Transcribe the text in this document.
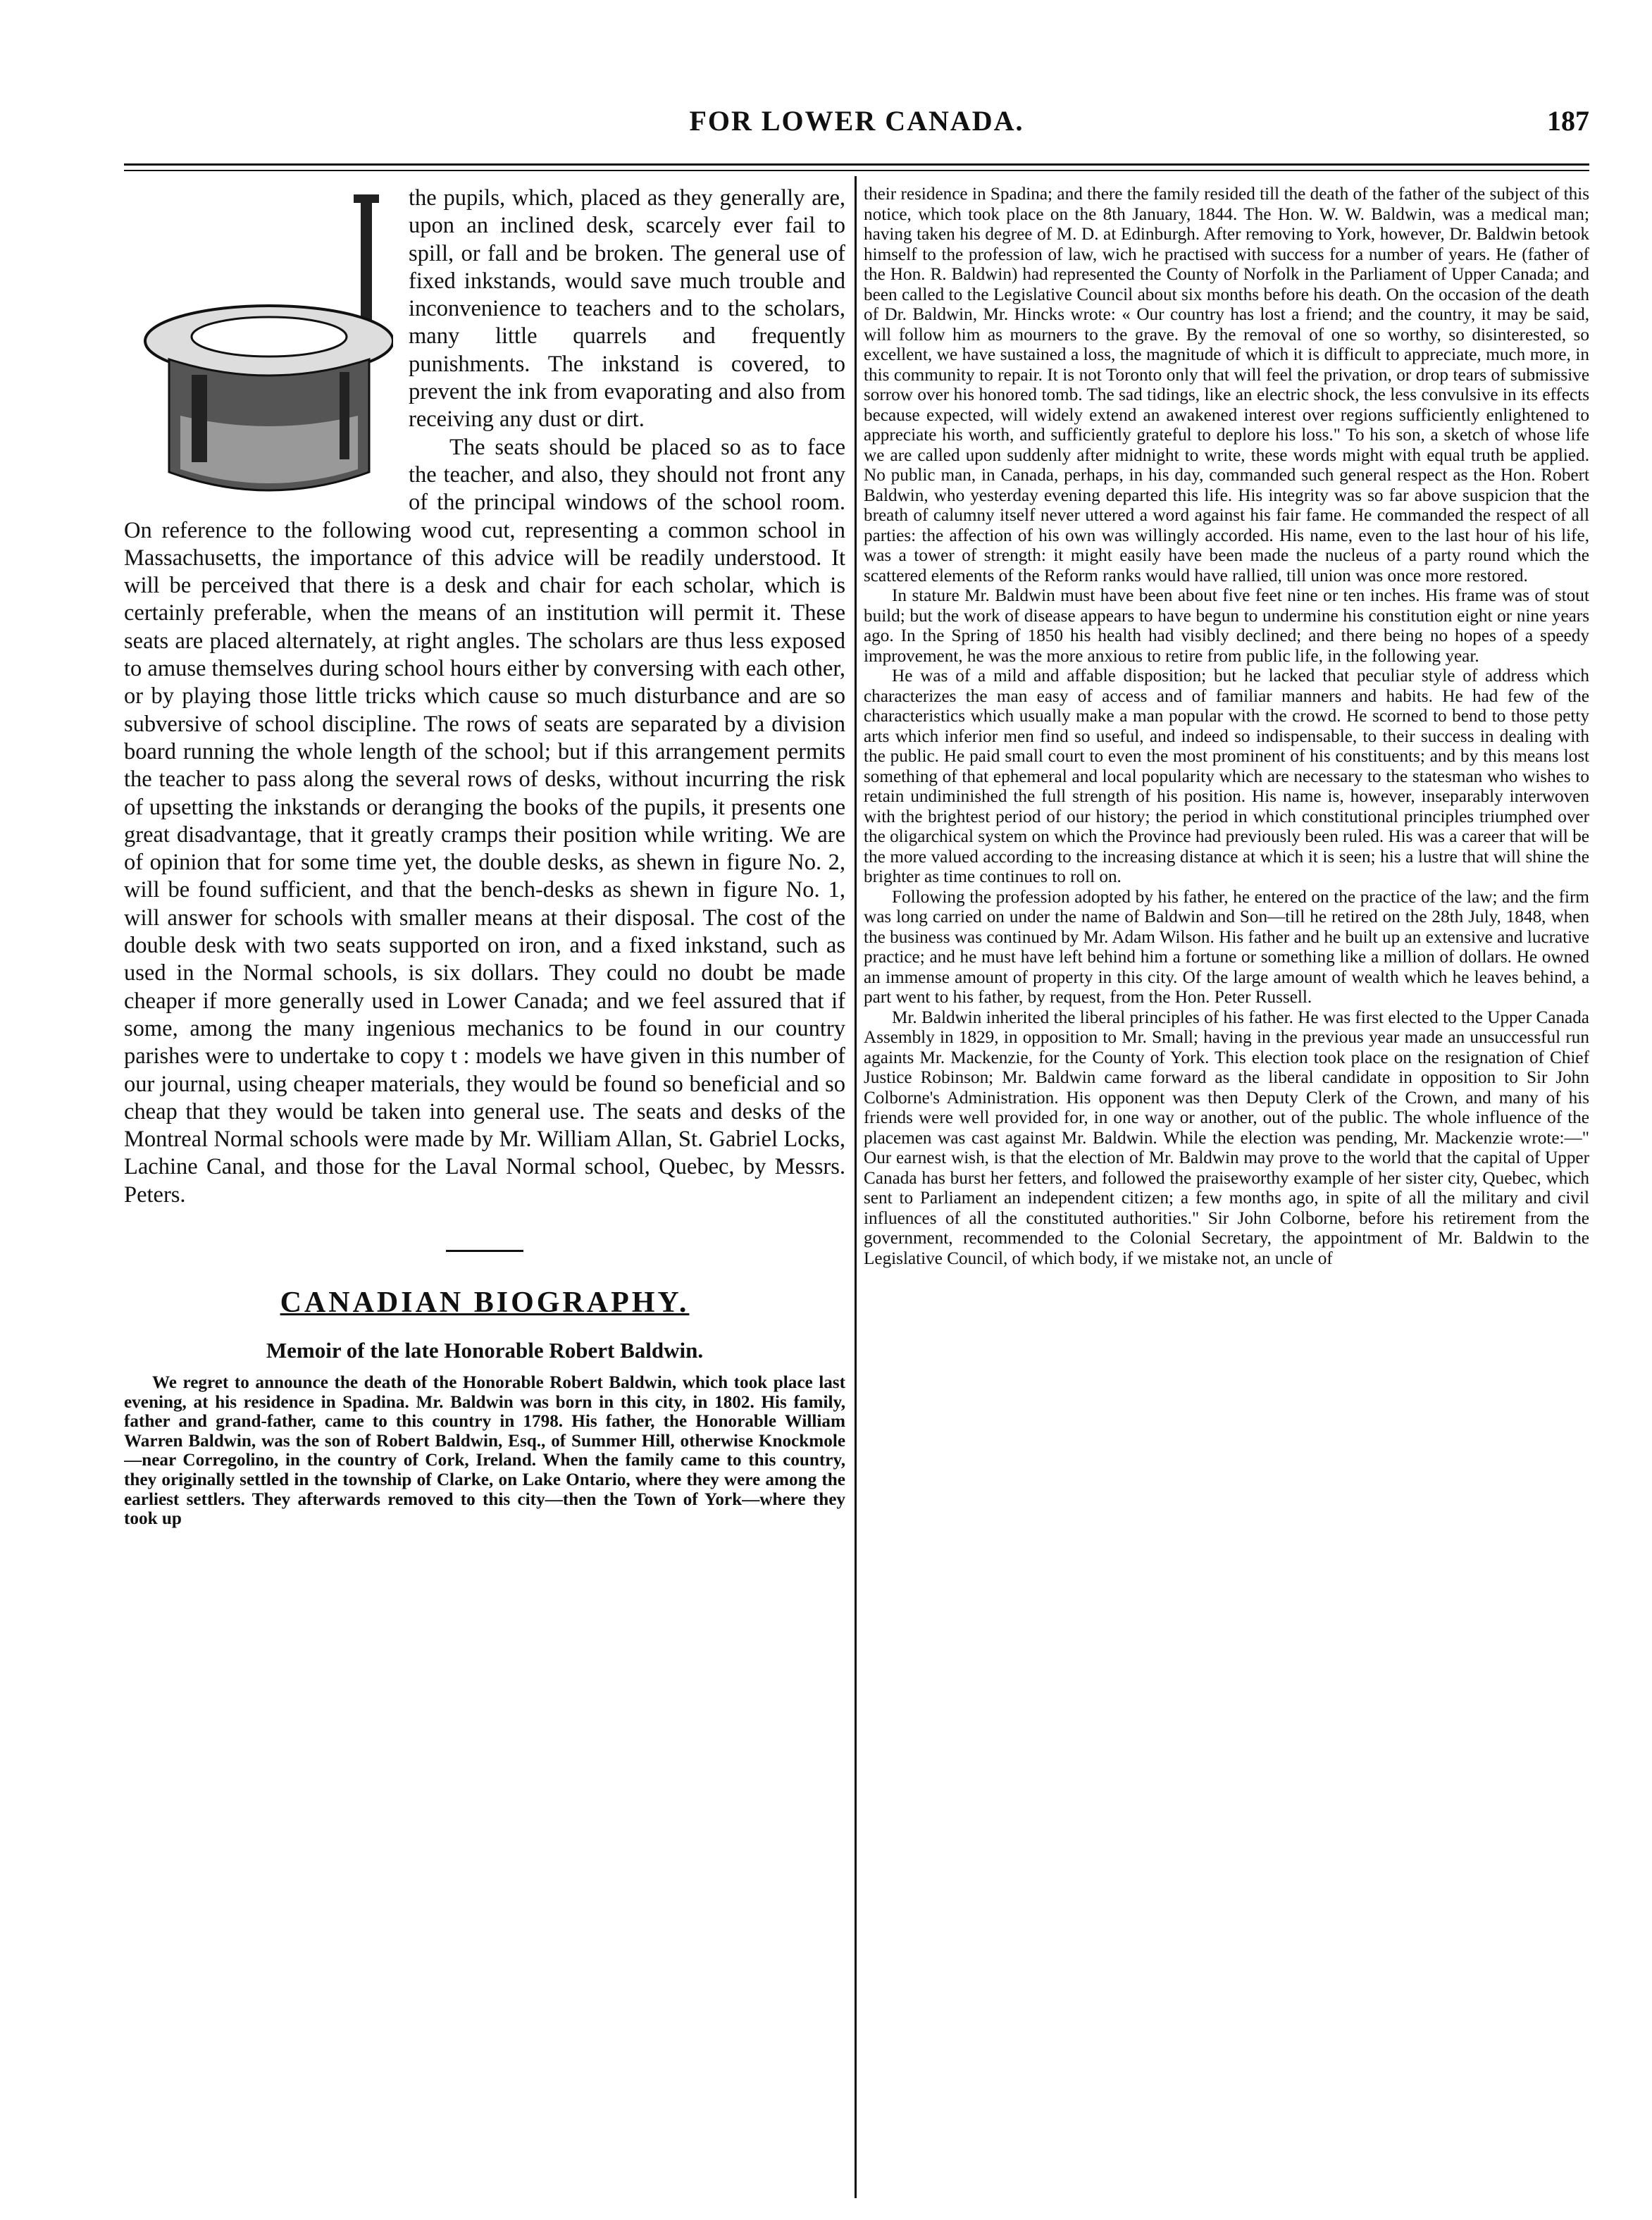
FOR LOWER CANADA.	187

the pupils, which, placed as they generally are, upon an inclined desk, scarcely ever fail to spill, or fall and be broken. The general use of fixed inkstands, would save much trouble and inconvenience to teachers and to the scholars, many little quarrels and frequently punishments. The inkstand is covered, to prevent the ink from evaporating and also from receiving any dust or dirt.

The seats should be placed so as to face the teacher, and also, they should not front any of the principal windows of the school room. On reference to the following wood cut, representing a common school in Massachusetts, the importance of this advice will be readily understood. It will be perceived that there is a desk and chair for each scholar, which is certainly preferable, when the means of an institution will permit it. These seats are placed alternately, at right angles. The scholars are thus less exposed to amuse themselves during school hours either by conversing with each other, or by playing those little tricks which cause so much disturbance and are so subversive of school discipline. The rows of seats are separated by a division board running the whole length of the school; but if this arrangement permits the teacher to pass along the several rows of desks, without incurring the risk of upsetting the inkstands or deranging the books of the pupils, it presents one great disadvantage, that it greatly cramps their position while writing. We are of opinion that for some time yet, the double desks, as shewn in figure No. 2, will be found sufficient, and that the bench-desks as shewn in figure No. 1, will answer for schools with smaller means at their disposal. The cost of the double desk with two seats supported on iron, and a fixed inkstand, such as used in the Normal schools, is six dollars. They could no doubt be made cheaper if more generally used in Lower Canada; and we feel assured that if some, among the many ingenious mechanics to be found in our country parishes were to undertake to copy t : models we have given in this number of our journal, using cheaper materials, they would be found so beneficial and so cheap that they would be taken into general use. The seats and desks of the Montreal Normal schools were made by Mr. William Allan, St. Gabriel Locks, Lachine Canal, and those for the Laval Normal school, Quebec, by Messrs. Peters.

CANADIAN BIOGRAPHY.
Memoir of the late Honorable Robert Baldwin.

We regret to announce the death of the Honorable Robert Baldwin, which took place last evening, at his residence in Spadina. Mr. Baldwin was born in this city, in 1802. His family, father and grand-father, came to this country in 1798. His father, the Honorable William Warren Baldwin, was the son of Robert Baldwin, Esq., of Summer Hill, otherwise Knockmole—near Corregolino, in the country of Cork, Ireland. When the family came to this country, they originally settled in the township of Clarke, on Lake Ontario, where they were among the earliest settlers. They afterwards removed to this city—then the Town of York—where they took up

their residence in Spadina; and there the family resided till the death of the father of the subject of this notice, which took place on the 8th January, 1844. The Hon. W. W. Baldwin, was a medical man; having taken his degree of M. D. at Edinburgh. After removing to York, however, Dr. Baldwin betook himself to the profession of law, wich he practised with success for a number of years. He (father of the Hon. R. Baldwin) had represented the County of Norfolk in the Parliament of Upper Canada; and been called to the Legislative Council about six months before his death. On the occasion of the death of Dr. Baldwin, Mr. Hincks wrote: « Our country has lost a friend; and the country, it may be said, will follow him as mourners to the grave. By the removal of one so worthy, so disinterested, so excellent, we have sustained a loss, the magnitude of which it is difficult to appreciate, much more, in this community to repair. It is not Toronto only that will feel the privation, or drop tears of submissive sorrow over his honored tomb. The sad tidings, like an electric shock, the less convulsive in its effects because expected, will widely extend an awakened interest over regions sufficiently enlightened to appreciate his worth, and sufficiently grateful to deplore his loss." To his son, a sketch of whose life we are called upon suddenly after midnight to write, these words might with equal truth be applied. No public man, in Canada, perhaps, in his day, commanded such general respect as the Hon. Robert Baldwin, who yesterday evening departed this life. His integrity was so far above suspicion that the breath of calumny itself never uttered a word against his fair fame. He commanded the respect of all parties: the affection of his own was willingly accorded. His name, even to the last hour of his life, was a tower of strength: it might easily have been made the nucleus of a party round which the scattered elements of the Reform ranks would have rallied, till union was once more restored.

In stature Mr. Baldwin must have been about five feet nine or ten inches. His frame was of stout build; but the work of disease appears to have begun to undermine his constitution eight or nine years ago. In the Spring of 1850 his health had visibly declined; and there being no hopes of a speedy improvement, he was the more anxious to retire from public life, in the following year.

He was of a mild and affable disposition; but he lacked that peculiar style of address which characterizes the man easy of access and of familiar manners and habits. He had few of the characteristics which usually make a man popular with the crowd. He scorned to bend to those petty arts which inferior men find so useful, and indeed so indispensable, to their success in dealing with the public. He paid small court to even the most prominent of his constituents; and by this means lost something of that ephemeral and local popularity which are necessary to the statesman who wishes to retain undiminished the full strength of his position. His name is, however, inseparably interwoven with the brightest period of our history; the period in which constitutional principles triumphed over the oligarchical system on which the Province had previously been ruled. His was a career that will be the more valued according to the increasing distance at which it is seen; his a lustre that will shine the brighter as time continues to roll on.

Following the profession adopted by his father, he entered on the practice of the law; and the firm was long carried on under the name of Baldwin and Son—till he retired on the 28th July, 1848, when the business was continued by Mr. Adam Wilson. His father and he built up an extensive and lucrative practice; and he must have left behind him a fortune or something like a million of dollars. He owned an immense amount of property in this city. Of the large amount of wealth which he leaves behind, a part went to his father, by request, from the Hon. Peter Russell.

Mr. Baldwin inherited the liberal principles of his father. He was first elected to the Upper Canada Assembly in 1829, in opposition to Mr. Small; having in the previous year made an unsuccessful run againts Mr. Mackenzie, for the County of York. This election took place on the resignation of Chief Justice Robinson; Mr. Baldwin came forward as the liberal candidate in opposition to Sir John Colborne's Administration. His opponent was then Deputy Clerk of the Crown, and many of his friends were well provided for, in one way or another, out of the public. The whole influence of the placemen was cast against Mr. Baldwin. While the election was pending, Mr. Mackenzie wrote:—" Our earnest wish, is that the election of Mr. Baldwin may prove to the world that the capital of Upper Canada has burst her fetters, and followed the praiseworthy example of her sister city, Quebec, which sent to Parliament an independent citizen; a few months ago, in spite of all the military and civil influences of all the constituted authorities." Sir John Colborne, before his retirement from the government, recommended to the Colonial Secretary, the appointment of Mr. Baldwin to the Legislative Council, of which body, if we mistake not, an uncle of
